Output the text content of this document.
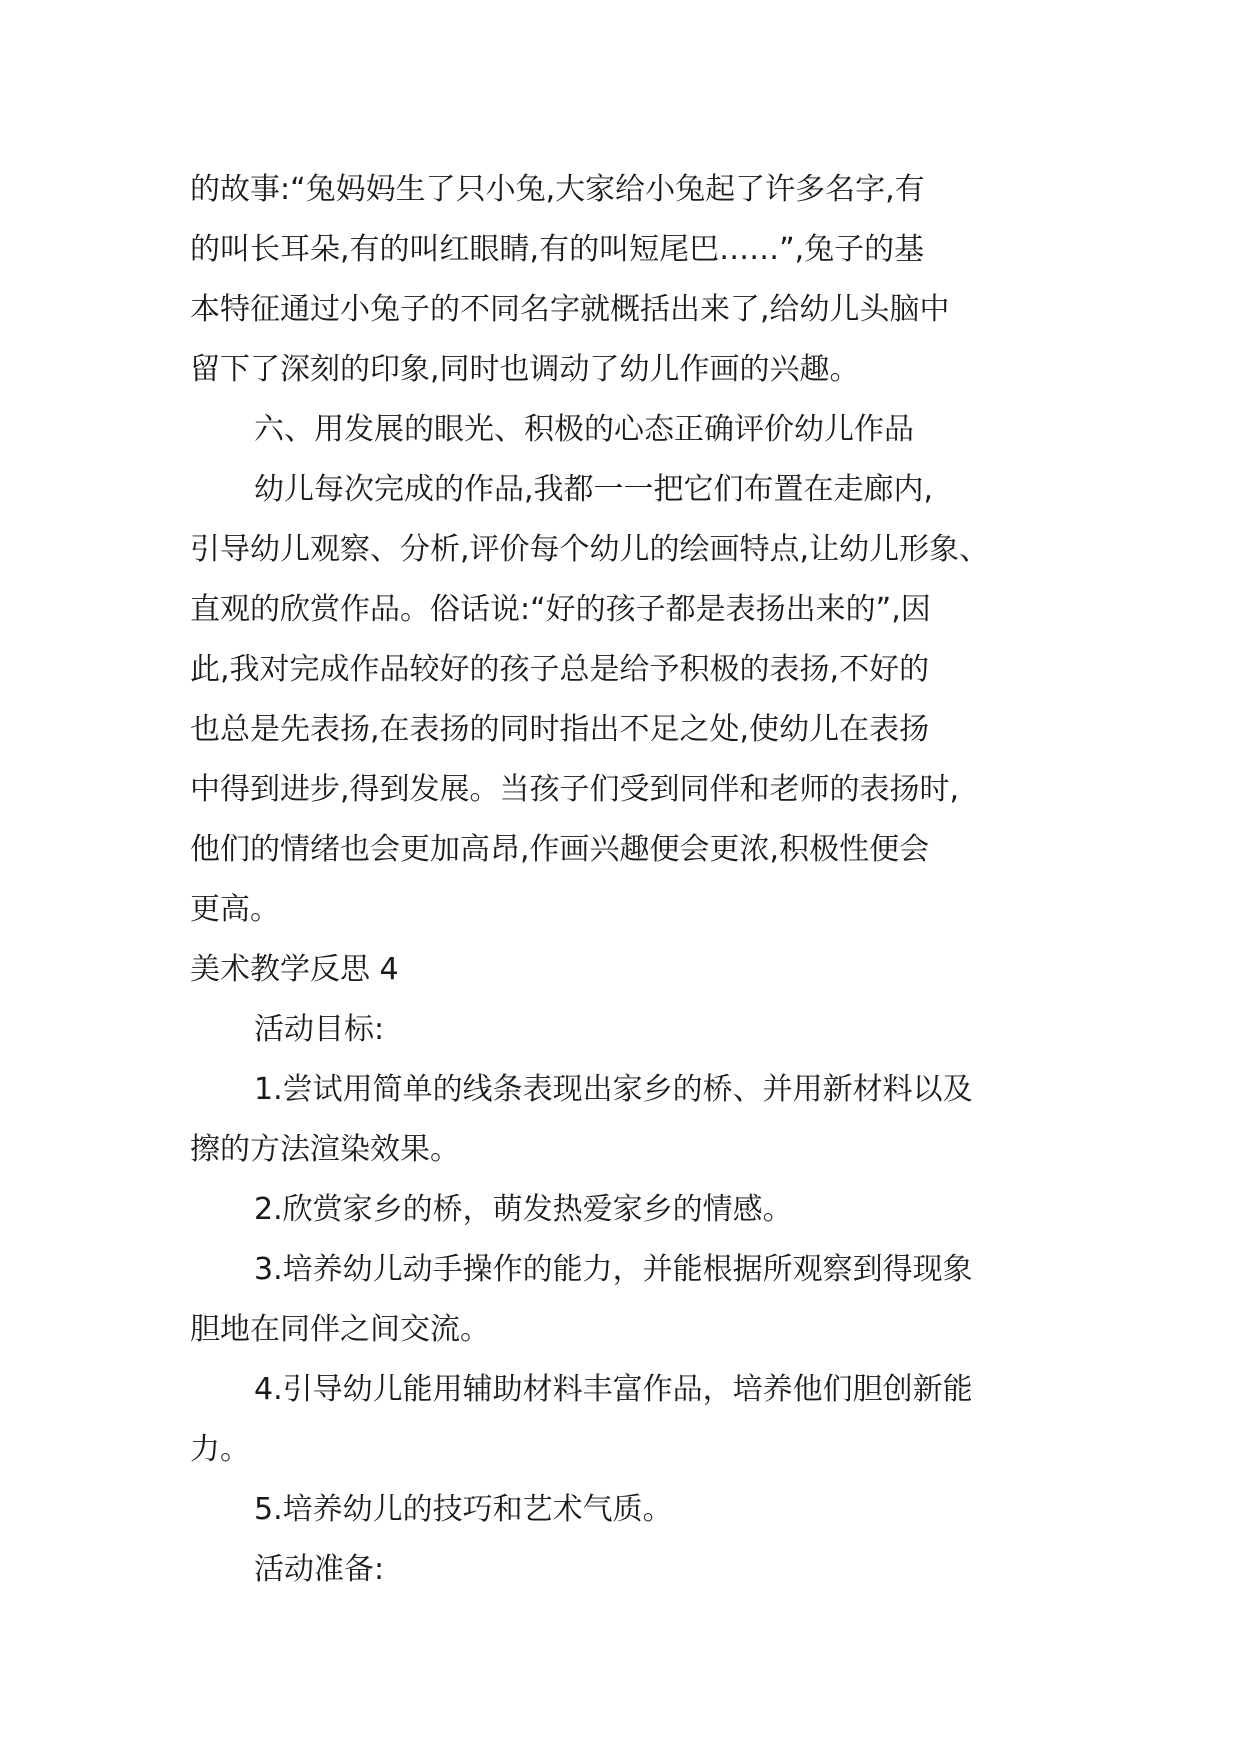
的故事:“兔妈妈生了只小兔,大家给小兔起了许多名字,有
的叫长耳朵,有的叫红眼睛,有的叫短尾巴……”,兔子的基
本特征通过小兔子的不同名字就概括出来了,给幼儿头脑中
留下了深刻的印象,同时也调动了幼儿作画的兴趣。
六、用发展的眼光、积极的心态正确评价幼儿作品
幼儿每次完成的作品,我都一一把它们布置在走廊内,
引导幼儿观察、分析,评价每个幼儿的绘画特点,让幼儿形象、
直观的欣赏作品。俗话说:“好的孩子都是表扬出来的”,因
此,我对完成作品较好的孩子总是给予积极的表扬,不好的
也总是先表扬,在表扬的同时指出不足之处,使幼儿在表扬
中得到进步,得到发展。当孩子们受到同伴和老师的表扬时,
他们的情绪也会更加高昂,作画兴趣便会更浓,积极性便会
更高。
美术教学反思 4
活动目标:
1.尝试用简单的线条表现出家乡的桥、并用新材料以及
擦的方法渲染效果。
2.欣赏家乡的桥，萌发热爱家乡的情感。
3.培养幼儿动手操作的能力，并能根据所观察到得现象
胆地在同伴之间交流。
4.引导幼儿能用辅助材料丰富作品，培养他们胆创新能
力。
5.培养幼儿的技巧和艺术气质。
活动准备:
